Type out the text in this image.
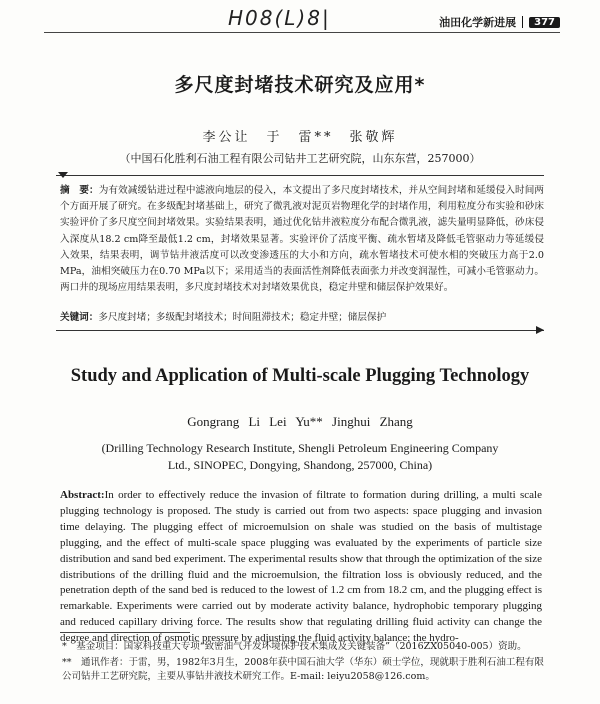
H08(L)8|	油田化学新进展	377
多尺度封堵技术研究及应用*
李公让　于　雷**　张敬辉
（中国石化胜利石油工程有限公司钻井工艺研究院，山东东营，257000）
摘　要：为有效减缓钻进过程中滤液向地层的侵入，本文提出了多尺度封堵技术，并从空间封堵和延缓侵入时间两个方面开展了研究。在多级配封堵基础上，研究了微乳液对泥页岩物理化学的封堵作用，利用粒度分布实验和砂床实验评价了多尺度空间封堵效果。实验结果表明，通过优化钻井液粒度分布配合微乳液，滤失量明显降低，砂床侵入深度从18.2 cm降至最低1.2 cm，封堵效果显著。实验评价了活度平衡、疏水暂堵及降低毛管驱动力等延缓侵入效果，结果表明，调节钻井液活度可以改变渗透压的大小和方向，疏水暂堵技术可使水相的突破压力高于2.0 MPa，油相突破压力在0.70 MPa以下；采用适当的表面活性剂降低表面张力并改变润湿性，可减小毛管驱动力。两口井的现场应用结果表明，多尺度封堵技术对封堵效果优良，稳定井壁和储层保护效果好。
关键词：多尺度封堵；多级配封堵技术；时间阻滞技术；稳定井壁；储层保护
Study and Application of Multi-scale Plugging Technology
Gongrang Li Lei Yu** Jinghui Zhang
(Drilling Technology Research Institute, Shengli Petroleum Engineering Company Ltd., SINOPEC, Dongying, Shandong, 257000, China)
Abstract:In order to effectively reduce the invasion of filtrate to formation during drilling, a multi scale plugging technology is proposed. The study is carried out from two aspects: space plugging and invasion time delaying. The plugging effect of microemulsion on shale was studied on the basis of multistage plugging, and the effect of multi-scale space plugging was evaluated by the experiments of particle size distribution and sand bed experiment. The experimental results show that through the optimization of the size distributions of the drilling fluid and the microemulsion, the filtration loss is obviously reduced, and the penetration depth of the sand bed is reduced to the lowest of 1.2 cm from 18.2 cm, and the plugging effect is remarkable. Experiments were carried out by moderate activity balance, hydrophobic temporary plugging and reduced capillary driving force. The results show that regulating drilling fluid activity can change the degree and direction of osmotic pressure by adjusting the fluid activity balance; the hydro-

*　基金项目：国家科技重大专项“致密油气开发环境保护技术集成及关键装备”（2016ZX05040-005）资助。

**　通讯作者：于雷，男，1982年3月生，2008年获中国石油大学（华东）硕士学位，现就职于胜利石油工程有限公司钻井工艺研究院，主要从事钻井液技术研究工作。E-mail: leiyu2058@126.com。
